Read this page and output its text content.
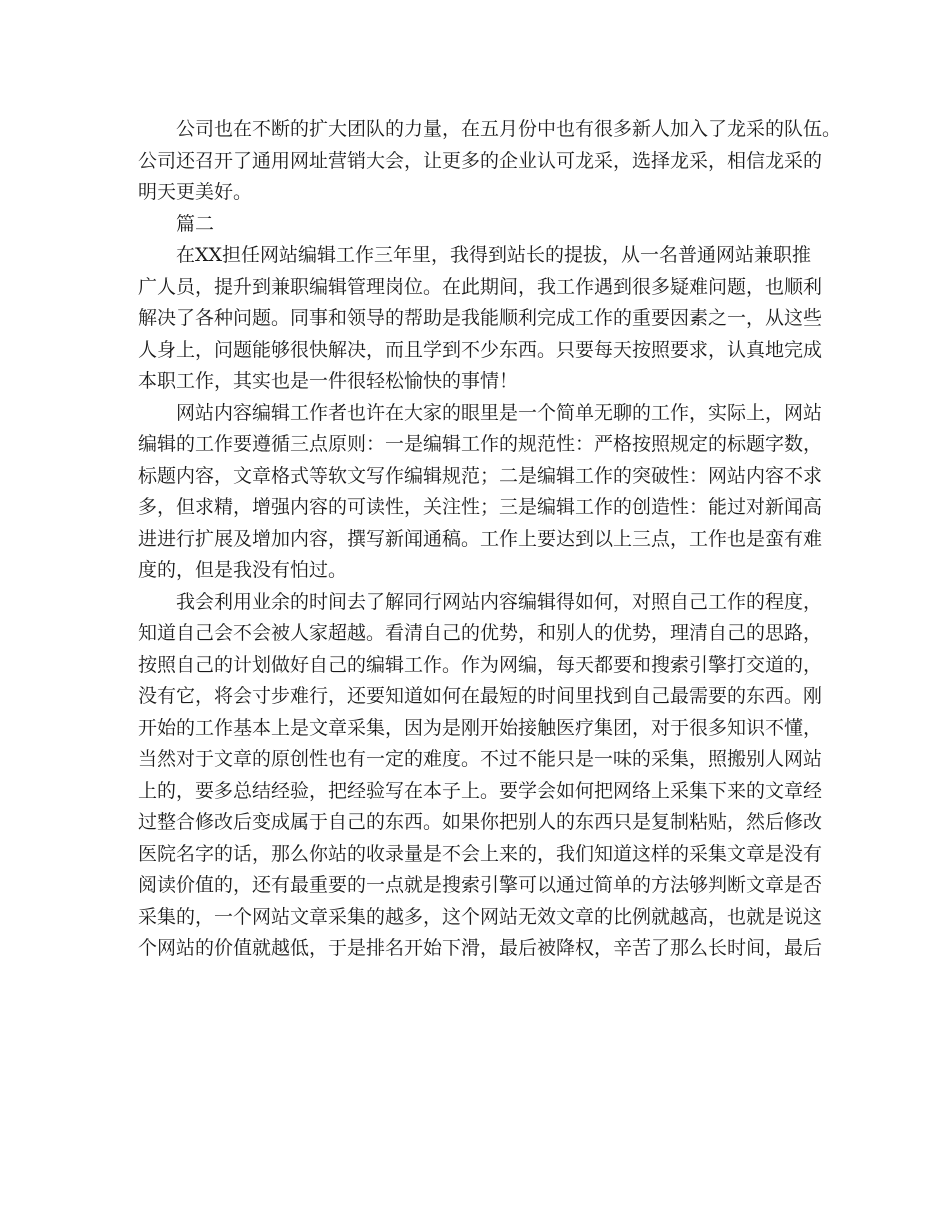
公司也在不断的扩大团队的力量，在五月份中也有很多新人加入了龙采的队伍。
公司还召开了通用网址营销大会，让更多的企业认可龙采，选择龙采，相信龙采的
明天更美好。
篇二
在XX担任网站编辑工作三年里，我得到站长的提拔，从一名普通网站兼职推
广人员，提升到兼职编辑管理岗位。在此期间，我工作遇到很多疑难问题，也顺利
解决了各种问题。同事和领导的帮助是我能顺利完成工作的重要因素之一，从这些
人身上，问题能够很快解决，而且学到不少东西。只要每天按照要求，认真地完成
本职工作，其实也是一件很轻松愉快的事情！
网站内容编辑工作者也许在大家的眼里是一个简单无聊的工作，实际上，网站
编辑的工作要遵循三点原则：一是编辑工作的规范性：严格按照规定的标题字数，
标题内容，文章格式等软文写作编辑规范；二是编辑工作的突破性：网站内容不求
多，但求精，增强内容的可读性，关注性；三是编辑工作的创造性：能过对新闻高
进进行扩展及增加内容，撰写新闻通稿。工作上要达到以上三点，工作也是蛮有难
度的，但是我没有怕过。
我会利用业余的时间去了解同行网站内容编辑得如何，对照自己工作的程度，
知道自己会不会被人家超越。看清自己的优势，和别人的优势，理清自己的思路，
按照自己的计划做好自己的编辑工作。作为网编，每天都要和搜索引擎打交道的，
没有它，将会寸步难行，还要知道如何在最短的时间里找到自己最需要的东西。刚
开始的工作基本上是文章采集，因为是刚开始接触医疗集团，对于很多知识不懂，
当然对于文章的原创性也有一定的难度。不过不能只是一味的采集，照搬别人网站
上的，要多总结经验，把经验写在本子上。要学会如何把网络上采集下来的文章经
过整合修改后变成属于自己的东西。如果你把别人的东西只是复制粘贴，然后修改
医院名字的话，那么你站的收录量是不会上来的，我们知道这样的采集文章是没有
阅读价值的，还有最重要的一点就是搜索引擎可以通过简单的方法够判断文章是否
采集的，一个网站文章采集的越多，这个网站无效文章的比例就越高，也就是说这
个网站的价值就越低，于是排名开始下滑，最后被降权，辛苦了那么长时间，最后
